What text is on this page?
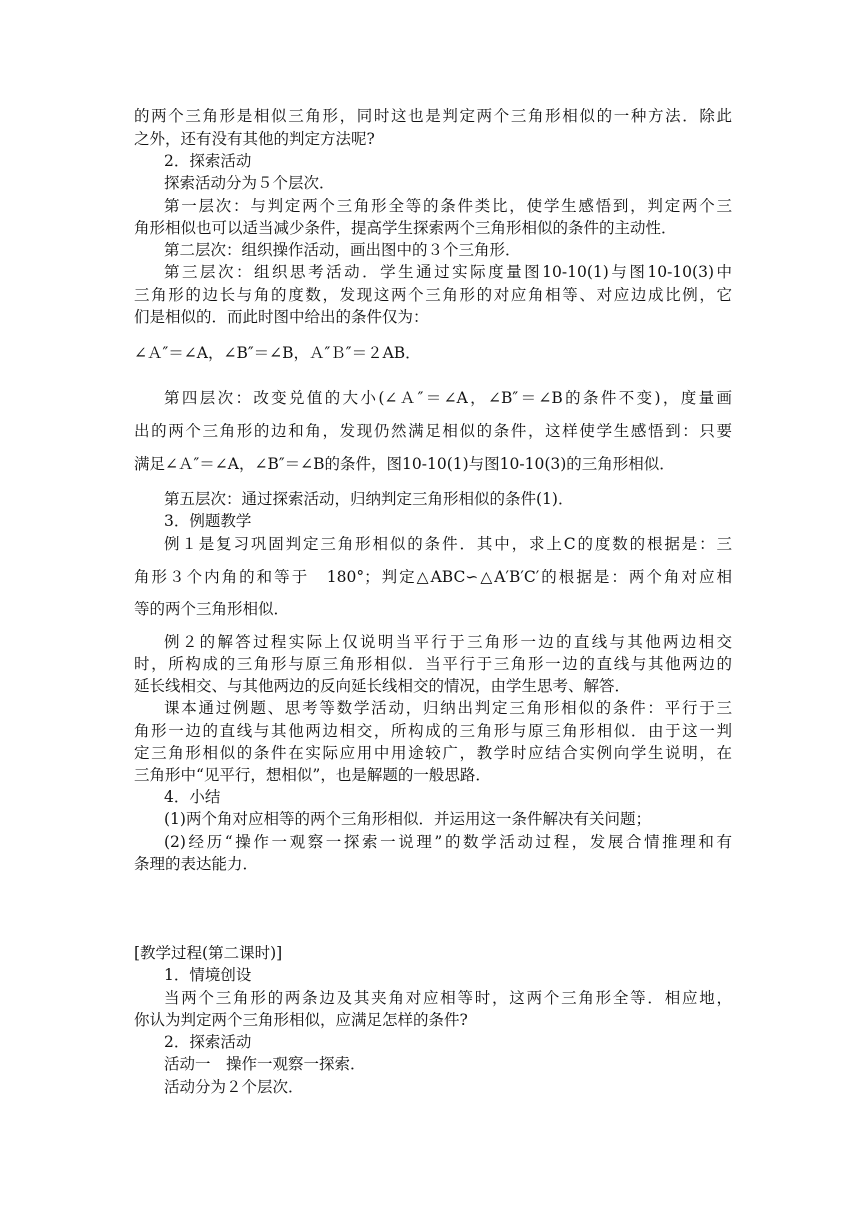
的两个三角形是相似三角形，同时这也是判定两个三角形相似的一种方法．除此
之外，还有没有其他的判定方法呢?
2．探索活动
探索活动分为５个层次．
第一层次：与判定两个三角形全等的条件类比，使学生感悟到，判定两个三
角形相似也可以适当减少条件，提高学生探索两个三角形相似的条件的主动性．
第二层次：组织操作活动，画出图中的３个三角形．
第三层次：组织思考活动．学生通过实际度量图10-10(1)与图10-10(3)中
三角形的边长与角的度数，发现这两个三角形的对应角相等、对应边成比例，它
们是相似的．而此时图中给出的条件仅为：
∠Ａ″＝∠A，∠B″＝∠B，Ａ″Ｂ″＝２AB．
第四层次：改变兑值的大小(∠Ａ″＝∠A，∠B″＝∠B的条件不变)，度量画
出的两个三角形的边和角，发现仍然满足相似的条件，这样使学生感悟到：只要
满足∠Ａ″＝∠A，∠B″＝∠B的条件，图10-10(1)与图10-10(3)的三角形相似．
第五层次：通过探索活动，归纳判定三角形相似的条件(1)．
3．例题教学
例１是复习巩固判定三角形相似的条件．其中，求上C的度数的根据是：三
角形３个内角的和等于　180°；判定△ABC∽△A′B′C′的根据是：两个角对应相
等的两个三角形相似．
例２的解答过程实际上仅说明当平行于三角形一边的直线与其他两边相交
时，所构成的三角形与原三角形相似．当平行于三角形一边的直线与其他两边的
延长线相交、与其他两边的反向延长线相交的情况，由学生思考、解答．
课本通过例题、思考等数学活动，归纳出判定三角形相似的条件：平行于三
角形一边的直线与其他两边相交，所构成的三角形与原三角形相似．由于这一判
定三角形相似的条件在实际应用中用途较广，教学时应结合实例向学生说明，在
三角形中“见平行，想相似”，也是解题的一般思路．
4．小结
(1)两个角对应相等的两个三角形相似．并运用这一条件解决有关问题；
(2)经历“操作一观察一探索一说理”的数学活动过程，发展合情推理和有
条理的表达能力．
[教学过程(第二课时)]
1．情境创设
当两个三角形的两条边及其夹角对应相等时，这两个三角形全等．相应地，
你认为判定两个三角形相似，应满足怎样的条件?
2．探索活动
活动一　操作一观察一探索．
活动分为２个层次．
